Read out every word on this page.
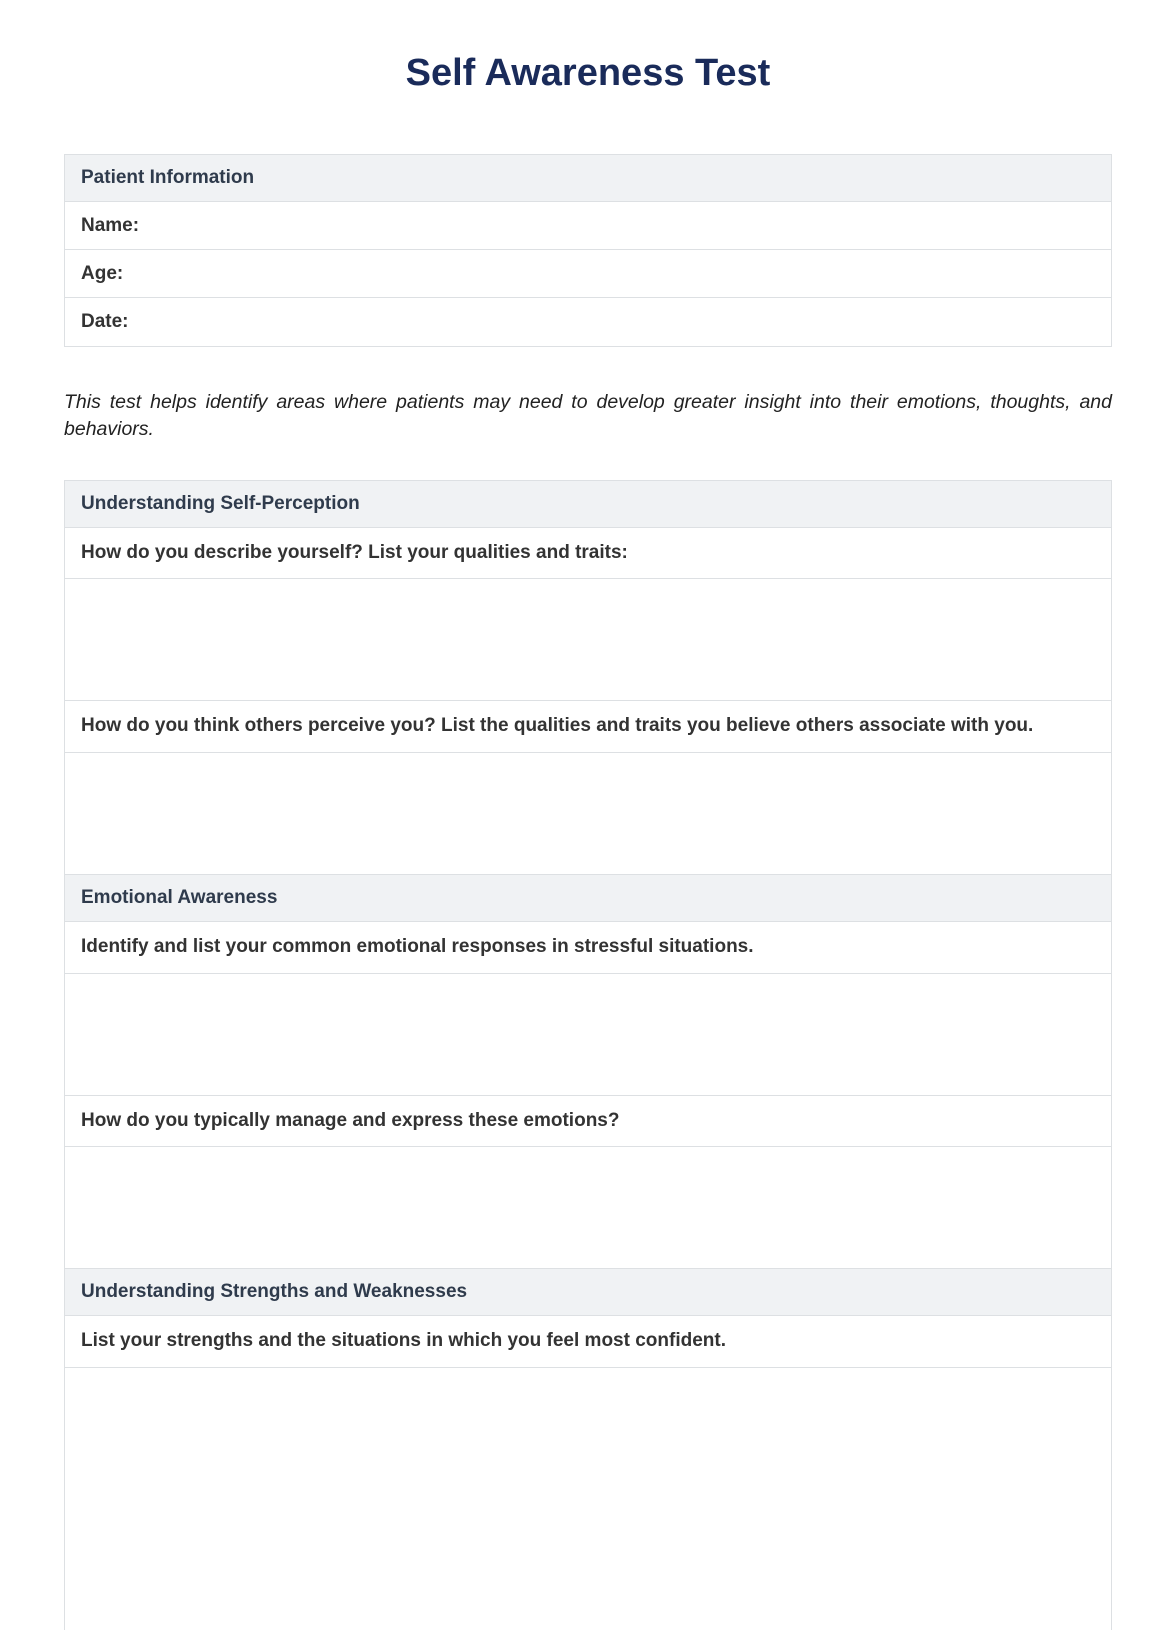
Self Awareness Test
Patient Information
Name:
Age:
Date:

This test helps identify areas where patients may need to develop greater insight into their emotions, thoughts, and behaviors.

Understanding Self-Perception
How do you describe yourself? List your qualities and traits:
How do you think others perceive you? List the qualities and traits you believe others associate with you.
Emotional Awareness
Identify and list your common emotional responses in stressful situations.
How do you typically manage and express these emotions?
Understanding Strengths and Weaknesses
List your strengths and the situations in which you feel most confident.
